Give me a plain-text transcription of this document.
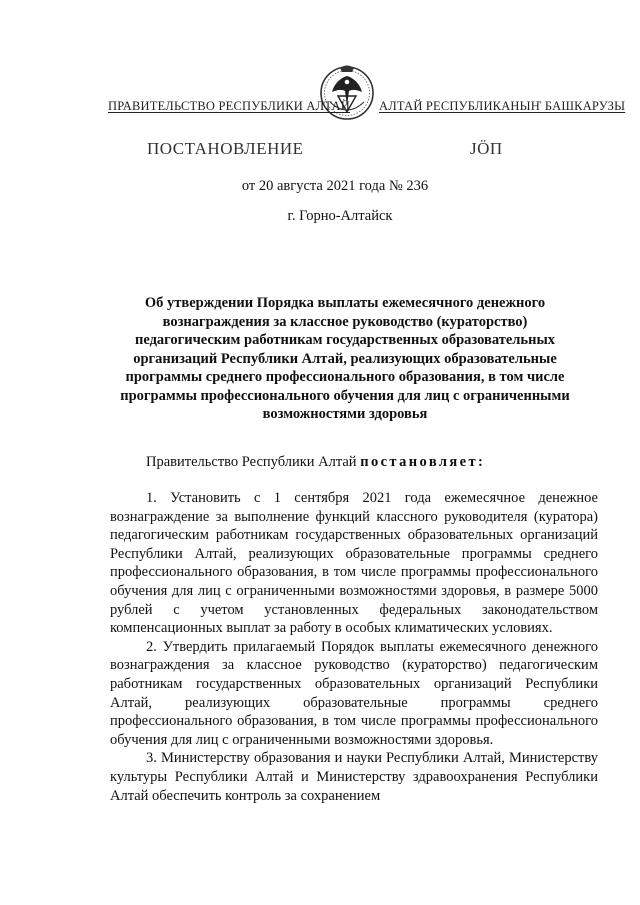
ПРАВИТЕЛЬСТВО РЕСПУБЛИКИ АЛТАЙ АЛТАЙ РЕСПУБЛИКАНЫҤ БАШКАРУЗЫ
ПОСТАНОВЛЕНИЕ	ЈÖП
от 20 августа 2021 года № 236
г. Горно-Алтайск
Об утверждении Порядка выплаты ежемесячного денежного
вознаграждения за классное руководство (кураторство)
педагогическим работникам государственных образовательных
организаций Республики Алтай, реализующих образовательные
программы среднего профессионального образования, в том числе
программы профессионального обучения для лиц с ограниченными
возможностями здоровья
Правительство Республики Алтай постановляет:

1. Установить с 1 сентября 2021 года ежемесячное денежное вознаграждение за выполнение функций классного руководителя (куратора) педагогическим работникам государственных образовательных организаций Республики Алтай, реализующих образовательные программы среднего профессионального образования, в том числе программы профессионального обучения для лиц с ограниченными возможностями здоровья, в размере 5000 рублей с учетом установленных федеральных законодательством компенсационных выплат за работу в особых климатических условиях.

2. Утвердить прилагаемый Порядок выплаты ежемесячного денежного вознаграждения за классное руководство (кураторство) педагогическим работникам государственных образовательных организаций Республики Алтай, реализующих образовательные программы среднего профессионального образования, в том числе программы профессионального обучения для лиц с ограниченными возможностями здоровья.

3. Министерству образования и науки Республики Алтай, Министерству культуры Республики Алтай и Министерству здравоохранения Республики Алтай обеспечить контроль за сохранением
